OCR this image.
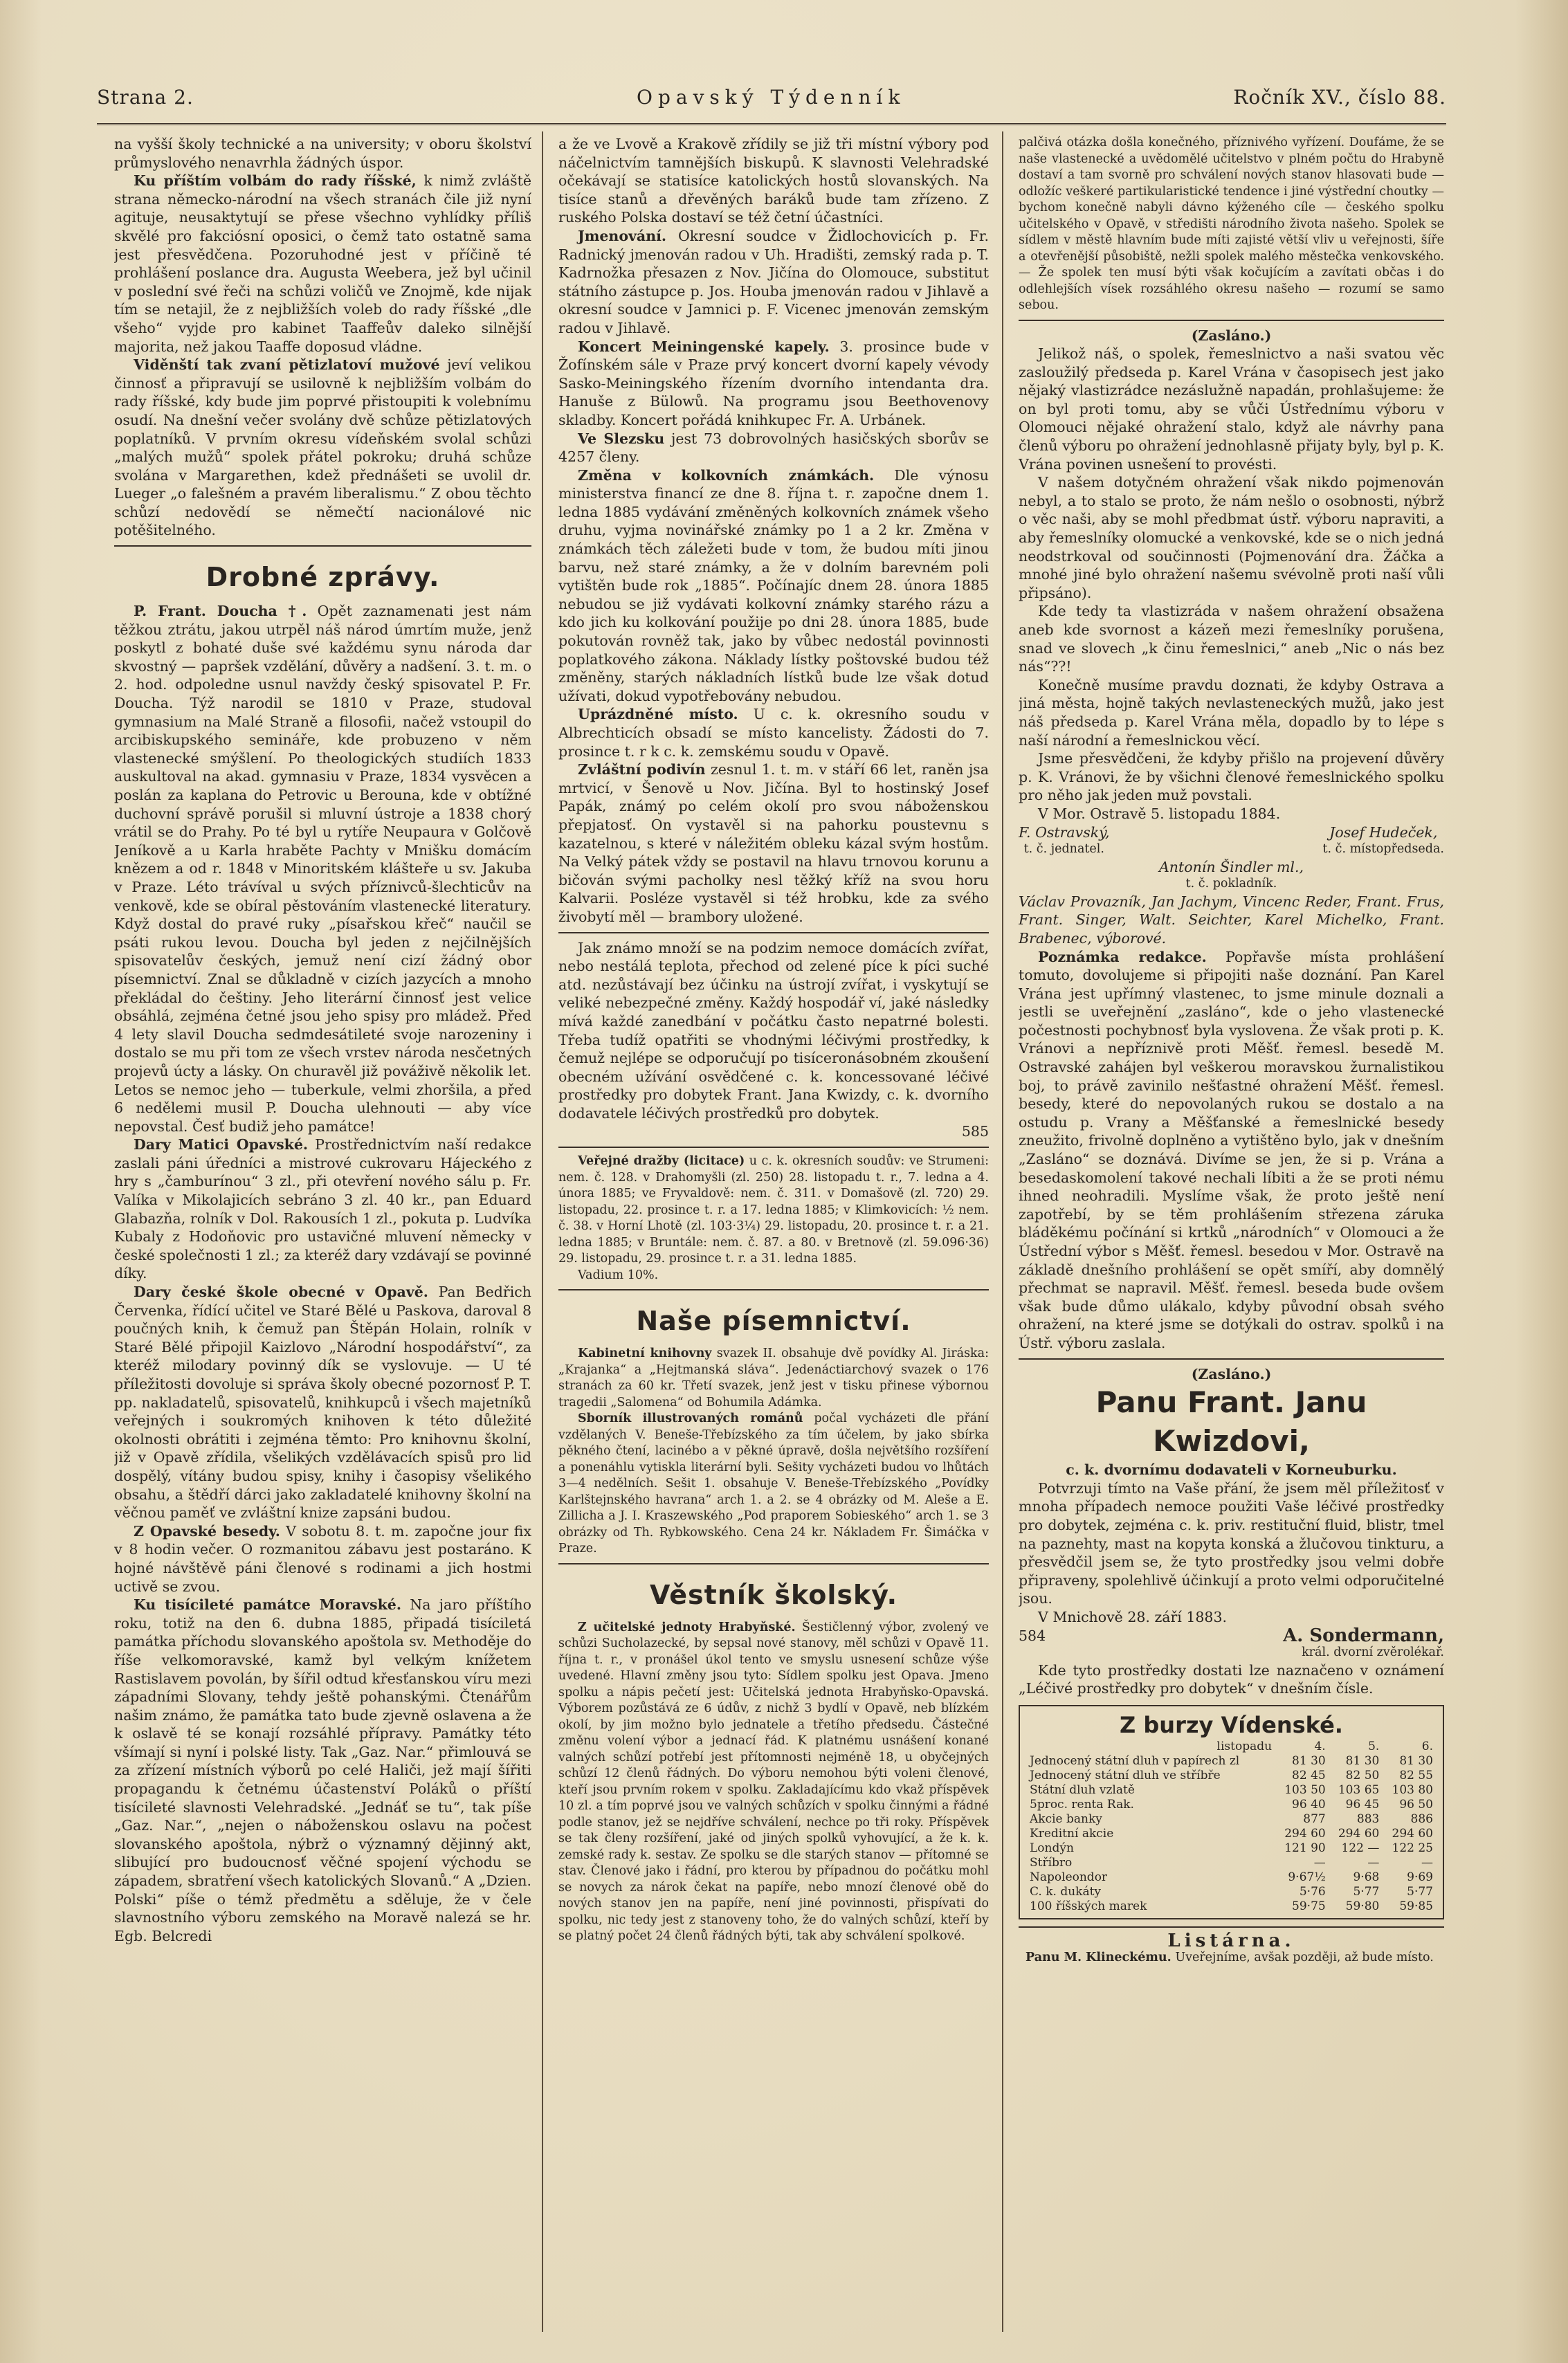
Strana 2.	Opavský Týdenník	Ročník XV., číslo 88.

na vyšší školy technické a na university; v oboru školství průmyslového nenavrhla žádných úspor.

Ku příštím volbám do rady říšské, k nimž zvláště strana německo-národní na všech stranách čile již nyní agituje, neusaktytují se přese všechno vyhlídky příliš skvělé pro fakciósní oposici, o čemž tato ostatně sama jest přesvědčena. Pozoruhodné jest v příčině té prohlášení poslance dra. Augusta Weebera, jež byl učinil v poslední své řeči na schůzi voličů ve Znojmě, kde nijak tím se netajil, že z nejbližších voleb do rady říšské „dle všeho“ vyjde pro kabinet Taaffeův daleko silnější majorita, než jakou Taaffe doposud vládne.

Viděnští tak zvaní pětizlatoví mužové jeví velikou činnosť a připravují se usilovně k nejbližším volbám do rady říšské, kdy bude jim poprvé přistoupiti k volebnímu osudí. Na dnešní večer svolány dvě schůze pětizlatových poplatníků. V prvním okresu vídeňském svolal schůzi „malých mužů“ spolek přátel pokroku; druhá schůze svolána v Margarethen, kdež přednášeti se uvolil dr. Lueger „o falešném a pravém liberalismu.“ Z obou těchto schůzí nedovědí se němečtí nacionálové nic potěšitelného.

Drobné zprávy.

P. Frant. Doucha †. Opět zaznamenati jest nám těžkou ztrátu, jakou utrpěl náš národ úmrtím muže, jenž poskytl z bohaté duše své každému synu národa dar skvostný — papršek vzdělání, důvěry a nadšení. 3. t. m. o 2. hod. odpoledne usnul navždy český spisovatel P. Fr. Doucha. Týž narodil se 1810 v Praze, studoval gymnasium na Malé Straně a filosofii, načež vstoupil do arcibiskupského semináře, kde probuzeno v něm vlastenecké smýšlení. Po theologických studiích 1833 auskultoval na akad. gymnasiu v Praze, 1834 vysvěcen a poslán za kaplana do Petrovic u Berouna, kde v obtížné duchovní správě porušil si mluvní ústroje a 1838 chorý vrátil se do Prahy. Po té byl u rytíře Neupaura v Golčově Jeníkově a u Karla hraběte Pachty v Mnišku domácím knězem a od r. 1848 v Minoritském klášteře u sv. Jakuba v Praze. Léto trávíval u svých příznivců-šlechticův na venkově, kde se obíral pěstováním vlastenecké literatury. Když dostal do pravé ruky „písařskou křeč“ naučil se psáti rukou levou. Doucha byl jeden z nejčilnějších spisovatelův českých, jemuž není cizí žádný obor písemnictví. Znal se důkladně v cizích jazycích a mnoho překládal do češtiny. Jeho literární činnosť jest velice obsáhlá, zejména četné jsou jeho spisy pro mládež. Před 4 lety slavil Doucha sedmdesátileté svoje narozeniny i dostalo se mu při tom ze všech vrstev národa nesčetných projevů úcty a lásky. On churavěl již pováživě několik let. Letos se nemoc jeho — tuberkule, velmi zhoršila, a před 6 nedělemi musil P. Doucha ulehnouti — aby více nepovstal. Česť budiž jeho památce!

Dary Matici Opavské. Prostřednictvím naší redakce zaslali páni úředníci a mistrové cukrovaru Hájeckého z hry s „čamburínou“ 3 zl., při otevření nového sálu p. Fr. Valíka v Mikolajicích sebráno 3 zl. 40 kr., pan Eduard Glabazňa, rolník v Dol. Rakousích 1 zl., pokuta p. Ludvíka Kubaly z Hodoňovic pro ustavičné mluvení německy v české společnosti 1 zl.; za kteréž dary vzdávají se povinné díky.

Dary české škole obecné v Opavě. Pan Bedřich Červenka, řídící učitel ve Staré Bělé u Paskova, daroval 8 poučných knih, k čemuž pan Štěpán Holain, rolník v Staré Bělé připojil Kaizlovo „Národní hospodářství“, za kteréž milodary povinný dík se vyslovuje. — U té příležitosti dovoluje si správa školy obecné pozornosť P. T. pp. nakladatelů, spisovatelů, knihkupců i všech majetníků veřejných i soukromých knihoven k této důležité okolnosti obrátiti i zejména těmto: Pro knihovnu školní, již v Opavě zřídila, všelikých vzdělávacích spisů pro lid dospělý, vítány budou spisy, knihy i časopisy všelikého obsahu, a štědří dárci jako zakladatelé knihovny školní na věčnou paměť ve zvláštní knize zapsáni budou.

Z Opavské besedy. V sobotu 8. t. m. započne jour fix v 8 hodin večer. O rozmanitou zábavu jest postaráno. K hojné návštěvě páni členové s rodinami a jich hostmi uctivě se zvou.

Ku tisícileté památce Moravské. Na jaro příštího roku, totiž na den 6. dubna 1885, připadá tisíciletá památka příchodu slovanského apoštola sv. Methoděje do říše velkomoravské, kamž byl velkým knížetem Rastislavem povolán, by šířil odtud křesťanskou víru mezi západními Slovany, tehdy ještě pohanskými. Čtenářům našim známo, že památka tato bude zjevně oslavena a že k oslavě té se konají rozsáhlé přípravy. Památky této všímají si nyní i polské listy. Tak „Gaz. Nar.“ přimlouvá se za zřízení místních výborů po celé Haliči, jež mají šířiti propagandu k četnému účastenství Poláků o příští tisícileté slavnosti Velehradské. „Jednáť se tu“, tak píše „Gaz. Nar.“, „nejen o náboženskou oslavu na počest slovanského apoštola, nýbrž o významný dějinný akt, slibující pro budoucnosť věčné spojení východu se západem, sbratření všech katolických Slovanů.“ A „Dzien. Polski“ píše o témž předmětu a sděluje, že v čele slavnostního výboru zemského na Moravě nalezá se hr. Egb. Belcredi

a že ve Lvově a Krakově zřídily se již tři místní výbory pod náčelnictvím tamnějších biskupů. K slavnosti Velehradské očekávají se statisíce katolických hostů slovanských. Na tisíce stanů a dřevěných baráků bude tam zřízeno. Z ruského Polska dostaví se též četní účastníci.

Jmenování. Okresní soudce v Židlochovicích p. Fr. Radnický jmenován radou v Uh. Hradišti, zemský rada p. T. Kadrnožka přesazen z Nov. Jičína do Olomouce, substitut státního zástupce p. Jos. Houba jmenován radou v Jihlavě a okresní soudce v Jamnici p. F. Vicenec jmenován zemským radou v Jihlavě.

Koncert Meiningenské kapely. 3. prosince bude v Žofínském sále v Praze prvý koncert dvorní kapely vévody Sasko-Meiningského řízením dvorního intendanta dra. Hanuše z Bülowů. Na programu jsou Beethovenovy skladby. Koncert pořádá knihkupec Fr. A. Urbánek.

Ve Slezsku jest 73 dobrovolných hasičských sborův se 4257 členy.

Změna v kolkovních známkách. Dle výnosu ministerstva financí ze dne 8. října t. r. započne dnem 1. ledna 1885 vydávání změněných kolkovních známek všeho druhu, vyjma novinářské známky po 1 a 2 kr. Změna v známkách těch záležeti bude v tom, že budou míti jinou barvu, než staré známky, a že v dolním barevném poli vytištěn bude rok „1885“. Počínajíc dnem 28. února 1885 nebudou se již vydávati kolkovní známky starého rázu a kdo jich ku kolkování použije po dni 28. února 1885, bude pokutován rovněž tak, jako by vůbec nedostál povinnosti poplatkového zákona. Náklady lístky poštovské budou též změněny, starých nákladních lístků bude lze však dotud užívati, dokud vypotřebovány nebudou.

Uprázdněné místo. U c. k. okresního soudu v Albrechticích obsadí se místo kancelisty. Žádosti do 7. prosince t. r k c. k. zemskému soudu v Opavě.

Zvláštní podivín zesnul 1. t. m. v stáří 66 let, raněn jsa mrtvicí, v Šenově u Nov. Jičína. Byl to hostinský Josef Papák, známý po celém okolí pro svou náboženskou přepjatosť. On vystavěl si na pahorku poustevnu s kazatelnou, s které v náležitém obleku kázal svým hostům. Na Velký pátek vždy se postavil na hlavu trnovou korunu a bičován svými pacholky nesl těžký kříž na svou horu Kalvarii. Posléze vystavěl si též hrobku, kde za svého živobytí měl — brambory uložené.

Jak známo množí se na podzim nemoce domácích zvířat, nebo nestálá teplota, přechod od zelené píce k píci suché atd. nezůstávají bez účinku na ústrojí zvířat, i vyskytují se veliké nebezpečné změny. Každý hospodář ví, jaké následky mívá každé zanedbání v počátku často nepatrné bolesti. Třeba tudíž opatřiti se vhodnými léčivými prostředky, k čemuž nejlépe se odporučují po tisíceronásobném zkoušení obecném užívání osvědčené c. k. koncessované léčivé prostředky pro dobytek Frant. Jana Kwizdy, c. k. dvorního dodavatele léčivých prostředků pro dobytek.

585

Veřejné dražby (licitace) u c. k. okresních soudův: ve Strumeni: nem. č. 128. v Drahomyšli (zl. 250) 28. listopadu t. r., 7. ledna a 4. února 1885; ve Fryvaldově: nem. č. 311. v Domašově (zl. 720) 29. listopadu, 22. prosince t. r. a 17. ledna 1885; v Klimkovicích: ½ nem. č. 38. v Horní Lhotě (zl. 103·3¼) 29. listopadu, 20. prosince t. r. a 21. ledna 1885; v Bruntále: nem. č. 87. a 80. v Bretnově (zl. 59.096·36) 29. listopadu, 29. prosince t. r. a 31. ledna 1885.

Vadium 10%.

Naše písemnictví.

Kabinetní knihovny svazek II. obsahuje dvě povídky Al. Jiráska: „Krajanka“ a „Hejtmanská sláva“. Jedenáctiarchový svazek o 176 stranách za 60 kr. Třetí svazek, jenž jest v tisku přinese výbornou tragedii „Salomena“ od Bohumila Adámka.

Sborník illustrovaných románů počal vycházeti dle přání vzdělaných V. Beneše-Třebízského za tím účelem, by jako sbírka pěkného čtení, lacinébo a v pěkné úpravě, došla největšího rozšíření a ponenáhlu vytiskla literární byli. Sešity vycházeti budou vo lhůtách 3—4 nedělních. Sešit 1. obsahuje V. Beneše-Třebízského „Povídky Karlštejnského havrana“ arch 1. a 2. se 4 obrázky od M. Aleše a E. Zillicha a J. I. Kraszewského „Pod praporem Sobieského“ arch 1. se 3 obrázky od Th. Rybkowského. Cena 24 kr. Nákladem Fr. Šimáčka v Praze.

Věstník školský.

Z učitelské jednoty Hrabyňské. Šestičlenný výbor, zvolený ve schůzi Sucholazecké, by sepsal nové stanovy, měl schůzi v Opavě 11. října t. r., v pronášel úkol tento ve smyslu usnesení schůze výše uvedené. Hlavní změny jsou tyto: Sídlem spolku jest Opava. Jmeno spolku a nápis pečetí jest: Učitelská jednota Hrabyňsko-Opavská. Výborem pozůstává ze 6 údův, z nichž 3 bydlí v Opavě, neb blízkém okolí, by jim možno bylo jednatele a třetího předsedu. Částečné změnu volení výbor a jednací řád. K platnému usnášení konané valných schůzí potřebí jest přítomnosti nejméně 18, u obyčejných schůzí 12 členů řádných. Do výboru nemohou býti voleni členové, kteří jsou prvním rokem v spolku. Zakladajícímu kdo vkaž příspěvek 10 zl. a tím poprvé jsou ve valných schůzích v spolku činnými a řádné podle stanov, jež se nejdříve schválení, nechce po tři roky. Příspěvek se tak členy rozšíření, jaké od jiných spolků vyhovující, a že k. k. zemské rady k. sestav. Ze spolku se dle starých stanov — přítomné se stav. Členové jako i řádní, pro kterou by případnou do počátku mohl se novych za nárok čekat na papíře, nebo mnozí členové obě do nových stanov jen na papíře, není jiné povinnosti, přispívati do spolku, nic tedy jest z stanoveny toho, že do valných schůzí, kteří by se platný počet 24 členů řádných býti, tak aby schválení spolkové.

palčivá otázka došla konečného, příznivého vyřízení. Doufáme, že se naše vlastenecké a uvědomělé učitelstvo v plném počtu do Hrabyně dostaví a tam svorně pro schválení nových stanov hlasovati bude — odložíc veškeré partikularistické tendence i jiné výstřední choutky — bychom konečně nabyli dávno kýženého cíle — českého spolku učitelského v Opavě, v středišti národního života našeho. Spolek se sídlem v městě hlavním bude míti zajisté větší vliv u veřejnosti, šíře a otevřenější působiště, nežli spolek malého městečka venkovského. — Že spolek ten musí býti však kočujícím a zavítati občas i do odlehlejších vísek rozsáhlého okresu našeho — rozumí se samo sebou.

(Zasláno.)

Jelikož náš, o spolek, řemeslnictvo a naši svatou věc zasloužilý předseda p. Karel Vrána v časopisech jest jako nějaký vlastizrádce nezáslužně napadán, prohlašujeme: že on byl proti tomu, aby se vůči Ústřednímu výboru v Olomouci nějaké ohražení stalo, když ale návrhy pana členů výboru po ohražení jednohlasně přijaty byly, byl p. K. Vrána povinen usnešení to provésti.

V našem dotyčném ohražení však nikdo pojmenován nebyl, a to stalo se proto, že nám nešlo o osobnosti, nýbrž o věc naši, aby se mohl předbmat ústř. výboru napraviti, a aby řemeslníky olomucké a venkovské, kde se o nich jedná neodstrkoval od součinnosti (Pojmenování dra. Žáčka a mnohé jiné bylo ohražení našemu svévolně proti naší vůli připsáno).

Kde tedy ta vlastizráda v našem ohražení obsažena aneb kde svornost a kázeň mezi řemeslníky porušena, snad ve slovech „k činu řemeslnici,“ aneb „Nic o nás bez nás“??!

Konečně musíme pravdu doznati, že kdyby Ostrava a jiná města, hojně takých nevlasteneckých mužů, jako jest náš předseda p. Karel Vrána měla, dopadlo by to lépe s naší národní a řemeslnickou věcí.

Jsme přesvědčeni, že kdyby přišlo na projevení důvěry p. K. Vránovi, že by všichni členové řemeslnického spolku pro něho jak jeden muž povstali.

V Mor. Ostravě 5. listopadu 1884.

F. Ostravský,
t. č. jednatel.
Josef Hudeček,
t. č. místopředseda.
Antonín Šindler ml.,
t. č. pokladník.

Václav Provazník, Jan Jachym, Vincenc Reder, Frant. Frus, Frant. Singer, Walt. Seichter, Karel Michelko, Frant. Brabenec, výborové.

Poznámka redakce. Popřavše místa prohlášení tomuto, dovolujeme si připojiti naše doznání. Pan Karel Vrána jest upřímný vlastenec, to jsme minule doznali a jestli se uveřejnění „zasláno“, kde o jeho vlastenecké počestnosti pochybnosť byla vyslovena. Že však proti p. K. Vránovi a nepříznivě proti Měšť. řemesl. besedě M. Ostravské zahájen byl veškerou moravskou žurnalistikou boj, to právě zavinilo nešťastné ohražení Měšť. řemesl. besedy, které do nepovolaných rukou se dostalo a na ostudu p. Vrany a Měšťanské a řemeslnické besedy zneužito, frivolně doplněno a vytištěno bylo, jak v dnešním „Zasláno“ se doznává. Divíme se jen, že si p. Vrána a besedaskomolení takové nechali líbiti a že se proti nému ihned neohradili. Myslíme však, že proto ještě není zapotřebí, by se těm prohlášením střezena záruka bláděkému počínání si krtků „národních“ v Olomouci a že Ústřední výbor s Měšť. řemesl. besedou v Mor. Ostravě na základě dnešního prohlášení se opět smíří, aby domnělý přechmat se napravil. Měšť. řemesl. beseda bude ovšem však bude důmo ulákalo, kdyby původní obsah svého ohražení, na které jsme se dotýkali do ostrav. spolků i na Ústř. výboru zaslala.

(Zasláno.)
Panu Frant. Janu Kwizdovi,
c. k. dvornímu dodavateli v Korneuburku.

Potvrzuji tímto na Vaše přání, že jsem měl příležitosť v mnoha případech nemoce použiti Vaše léčivé prostředky pro dobytek, zejména c. k. priv. restituční fluid, blistr, tmel na paznehty, mast na kopyta konská a žlučovou tinkturu, a přesvědčil jsem se, že tyto prostředky jsou velmi dobře připraveny, spolehlivě účinkují a proto velmi odporučitelné jsou.

V Mnichově 28. září 1883.

584	A. Sondermann,
král. dvorní zvěrolékař.

Kde tyto prostředky dostati lze naznačeno v oznámení „Léčivé prostředky pro dobytek“ v dnešním čísle.

Z burzy Vídenské.
listopadu	4.	5.	6.
Jednocený státní dluh v papírech zl	81 30	81 30	81 30
Jednocený státní dluh ve stříbře	82 45	82 50	82 55
Státní dluh vzlatě	103 50	103 65	103 80
5proc. renta Rak.	96 40	96 45	96 50
Akcie banky	877	883	886
Kreditní akcie	294 60	294 60	294 60
Londýn	121 90	122 —	122 25
Stříbro	—	—	—
Napoleondor	9·67½	9·68	9·69
C. k. dukáty	5·76	5·77	5·77
100 říšských marek	59·75	59·80	59·85
Listárna.

Panu M. Klineckému. Uveřejníme, avšak později, až bude místo.
